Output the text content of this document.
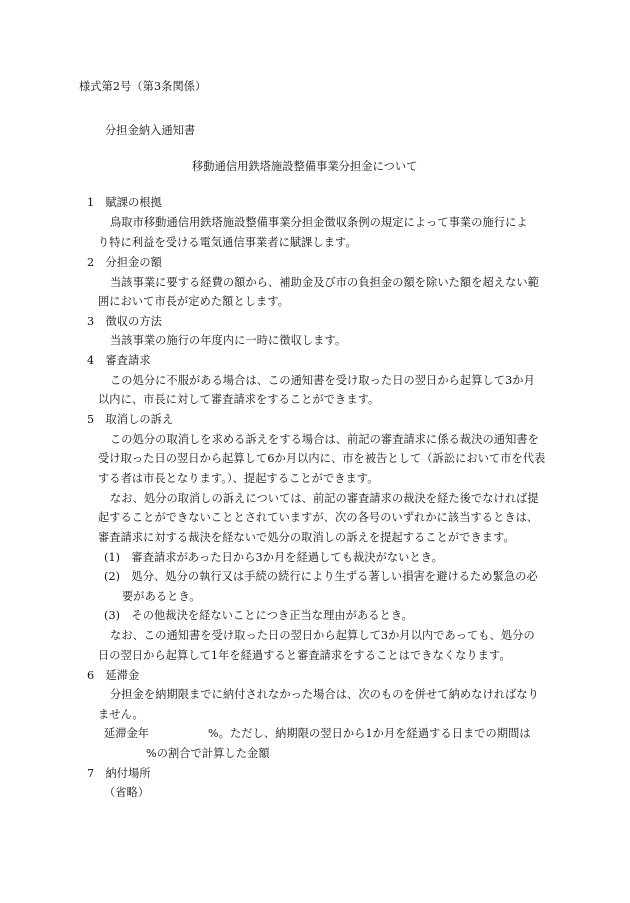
様式第2号（第3条関係）
分担金納入通知書
移動通信用鉄塔施設整備事業分担金について
1　賦課の根拠
鳥取市移動通信用鉄塔施設整備事業分担金徴収条例の規定によって事業の施行によ
り特に利益を受ける電気通信事業者に賦課します。
2　分担金の額
当該事業に要する経費の額から、補助金及び市の負担金の額を除いた額を超えない範
囲において市長が定めた額とします。
3　徴収の方法
当該事業の施行の年度内に一時に徴収します。
4　審査請求
この処分に不服がある場合は、この通知書を受け取った日の翌日から起算して3か月
以内に、市長に対して審査請求をすることができます。
5　取消しの訴え
この処分の取消しを求める訴えをする場合は、前記の審査請求に係る裁決の通知書を
受け取った日の翌日から起算して6か月以内に、市を被告として（訴訟において市を代表
する者は市長となります。）、提起することができます。
なお、処分の取消しの訴えについては、前記の審査請求の裁決を経た後でなければ提
起することができないこととされていますが、次の各号のいずれかに該当するときは、
審査請求に対する裁決を経ないで処分の取消しの訴えを提起することができます。
(1)　審査請求があった日から3か月を経過しても裁決がないとき。
(2)　処分、処分の執行又は手続の続行により生ずる著しい損害を避けるため緊急の必
要があるとき。
(3)　その他裁決を経ないことにつき正当な理由があるとき。
なお、この通知書を受け取った日の翌日から起算して3か月以内であっても、処分の
日の翌日から起算して1年を経過すると審査請求をすることはできなくなります。
6　延滞金
分担金を納期限までに納付されなかった場合は、次のものを併せて納めなければなり
ません。
延滞金年	%。ただし、納期限の翌日から1か月を経過する日までの期間は
%の割合で計算した金額
7　納付場所
（省略）
